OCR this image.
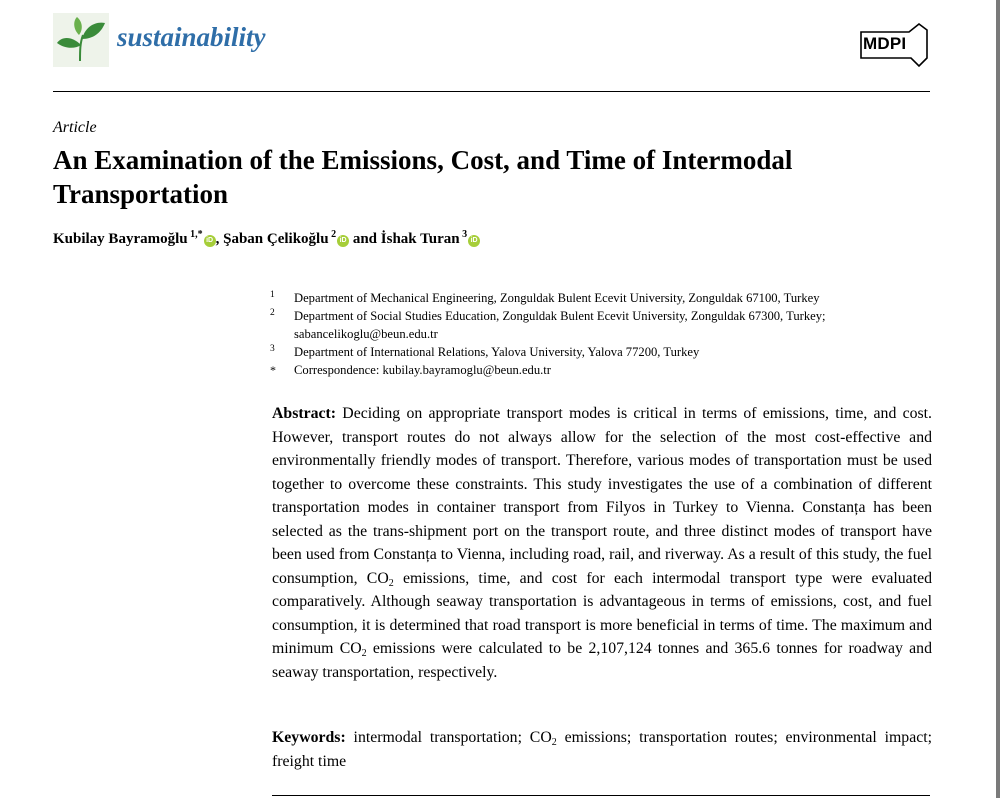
sustainability	MDPI
Article
An Examination of the Emissions, Cost, and Time of Intermodal Transportation
Kubilay Bayramoğlu $^{1,*}$iD , Şaban Çelikoğlu $^2$iD and İshak Turan $^3$iD
1 Department of Mechanical Engineering, Zonguldak Bulent Ecevit University, Zonguldak 67100, Turkey
2 Department of Social Studies Education, Zonguldak Bulent Ecevit University, Zonguldak 67300, Turkey; sabancelikoglu@beun.edu.tr
3 Department of International Relations, Yalova University, Yalova 77200, Turkey
* Correspondence: kubilay.bayramoglu@beun.edu.tr

Abstract: Deciding on appropriate transport modes is critical in terms of emissions, time, and cost. However, transport routes do not always allow for the selection of the most cost-effective and environmentally friendly modes of transport. Therefore, various modes of transportation must be used together to overcome these constraints. This study investigates the use of a combination of different transportation modes in container transport from Filyos in Turkey to Vienna. Constanța has been selected as the trans-shipment port on the transport route, and three distinct modes of transport have been used from Constanța to Vienna, including road, rail, and riverway. As a result of this study, the fuel consumption, $CO_2$ emissions, time, and cost for each intermodal transport type were evaluated comparatively. Although seaway transportation is advantageous in terms of emissions, cost, and fuel consumption, it is determined that road transport is more beneficial in terms of time. The maximum and minimum $CO_2$ emissions were calculated to be 2,107,124 tonnes and 365.6 tonnes for roadway and seaway transportation, respectively.

Keywords: intermodal transportation; $CO_2$ emissions; transportation routes; environmental impact; freight time
